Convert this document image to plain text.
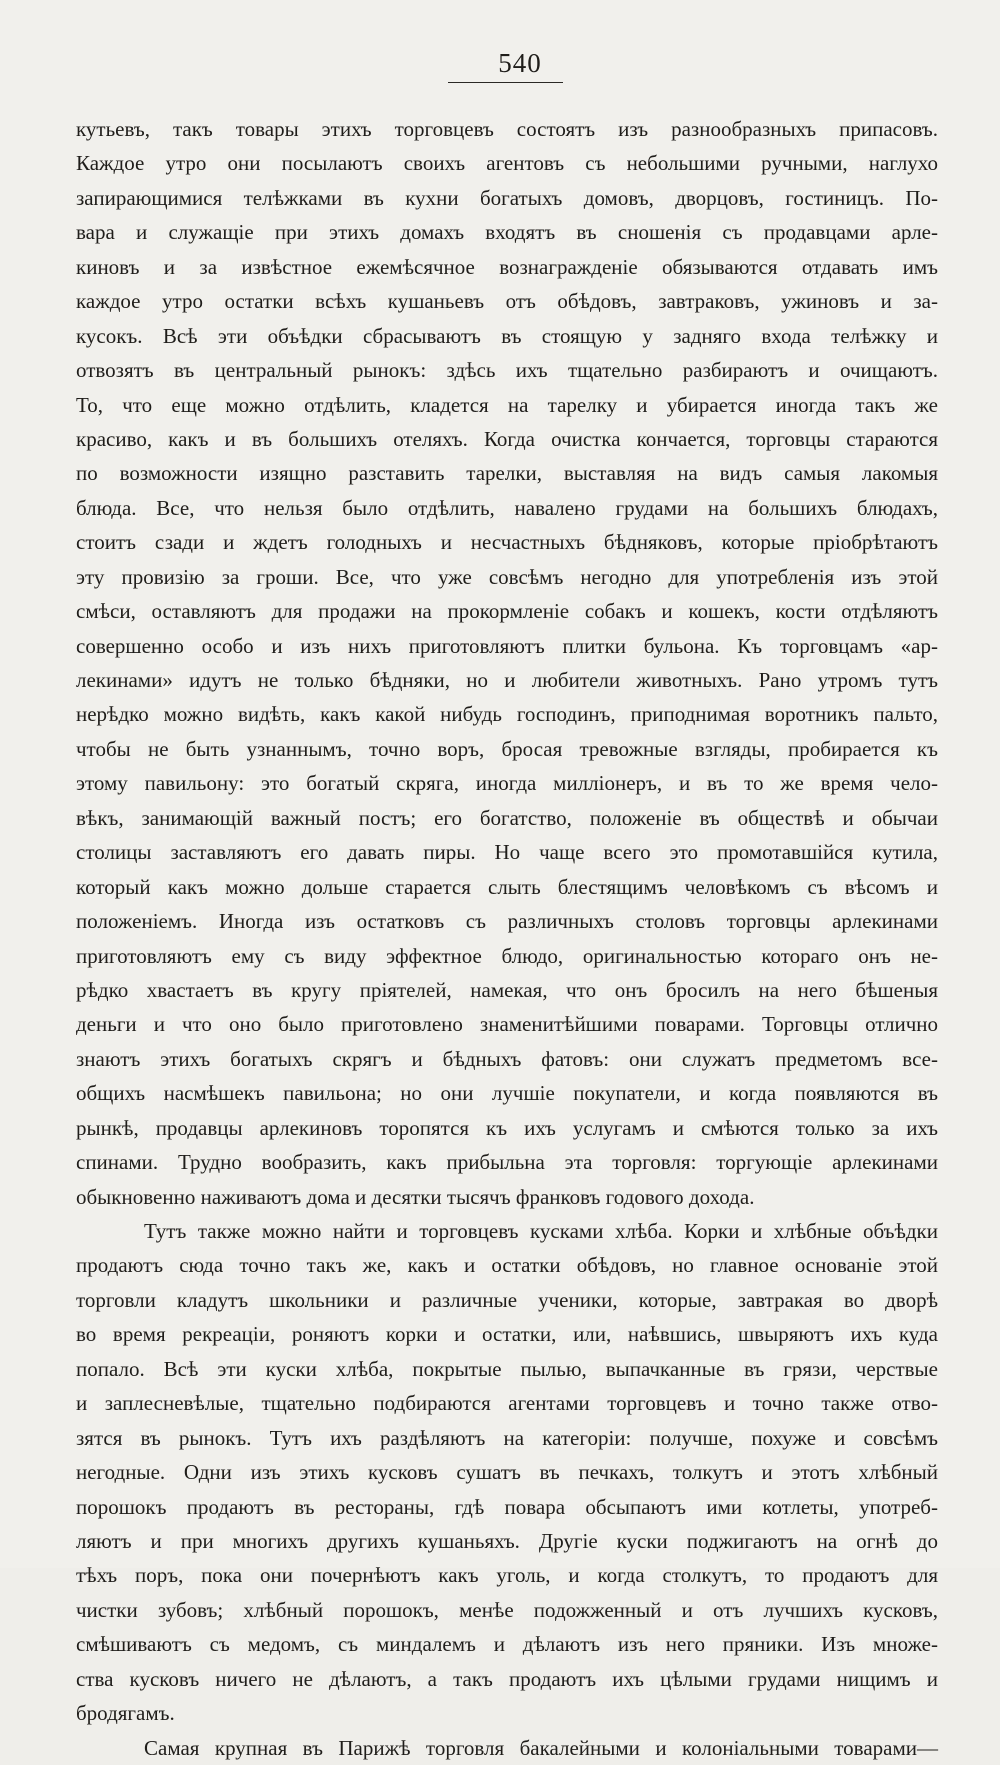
540
кутьевъ, такъ товары этихъ торговцевъ состоятъ изъ разнообразныхъ припасовъ.
Каждое утро они посылаютъ своихъ агентовъ съ небольшими ручными, наглухо
запирающимися телѣжками въ кухни богатыхъ домовъ, дворцовъ, гостиницъ. По-
вара и служащіе при этихъ домахъ входятъ въ сношенія съ продавцами арле-
киновъ и за извѣстное ежемѣсячное вознагражденіе обязываются отдавать имъ
каждое утро остатки всѣхъ кушаньевъ отъ обѣдовъ, завтраковъ, ужиновъ и за-
кусокъ. Всѣ эти объѣдки сбрасываютъ въ стоящую у задняго входа телѣжку и
отвозятъ въ центральный рынокъ: здѣсь ихъ тщательно разбираютъ и очищаютъ.
То, что еще можно отдѣлить, кладется на тарелку и убирается иногда такъ же
красиво, какъ и въ большихъ отеляхъ. Когда очистка кончается, торговцы стараются
по возможности изящно разставить тарелки, выставляя на видъ самыя лакомыя
блюда. Все, что нельзя было отдѣлить, навалено грудами на большихъ блюдахъ,
стоитъ сзади и ждетъ голодныхъ и несчастныхъ бѣдняковъ, которые пріобрѣтаютъ
эту провизію за гроши. Все, что уже совсѣмъ негодно для употребленія изъ этой
смѣси, оставляютъ для продажи на прокормленіе собакъ и кошекъ, кости отдѣляютъ
совершенно особо и изъ нихъ приготовляютъ плитки бульона. Къ торговцамъ «ар-
лекинами» идутъ не только бѣдняки, но и любители животныхъ. Рано утромъ тутъ
нерѣдко можно видѣть, какъ какой нибудь господинъ, приподнимая воротникъ пальто,
чтобы не быть узнаннымъ, точно воръ, бросая тревожные взгляды, пробирается къ
этому павильону: это богатый скряга, иногда милліонеръ, и въ то же время чело-
вѣкъ, занимающій важный постъ; его богатство, положеніе въ обществѣ и обычаи
столицы заставляютъ его давать пиры. Но чаще всего это промотавшійся кутила,
который какъ можно дольше старается слыть блестящимъ человѣкомъ съ вѣсомъ и
положеніемъ. Иногда изъ остатковъ съ различныхъ столовъ торговцы арлекинами
приготовляютъ ему съ виду эффектное блюдо, оригинальностью котораго онъ не-
рѣдко хвастаетъ въ кругу пріятелей, намекая, что онъ бросилъ на него бѣшеныя
деньги и что оно было приготовлено знаменитѣйшими поварами. Торговцы отлично
знаютъ этихъ богатыхъ скрягъ и бѣдныхъ фатовъ: они служатъ предметомъ все-
общихъ насмѣшекъ павильона; но они лучшіе покупатели, и когда появляются въ
рынкѣ, продавцы арлекиновъ торопятся къ ихъ услугамъ и смѣются только за ихъ
спинами. Трудно вообразить, какъ прибыльна эта торговля: торгующіе арлекинами
обыкновенно наживаютъ дома и десятки тысячъ франковъ годового дохода.
Тутъ также можно найти и торговцевъ кусками хлѣба. Корки и хлѣбные объѣдки
продаютъ сюда точно такъ же, какъ и остатки обѣдовъ, но главное основаніе этой
торговли кладутъ школьники и различные ученики, которые, завтракая во дворѣ
во время рекреаціи, роняютъ корки и остатки, или, наѣвшись, швыряютъ ихъ куда
попало. Всѣ эти куски хлѣба, покрытые пылью, выпачканные въ грязи, черствые
и заплесневѣлые, тщательно подбираются агентами торговцевъ и точно также отво-
зятся въ рынокъ. Тутъ ихъ раздѣляютъ на категоріи: получше, похуже и совсѣмъ
негодные. Одни изъ этихъ кусковъ сушатъ въ печкахъ, толкутъ и этотъ хлѣбный
порошокъ продаютъ въ рестораны, гдѣ повара обсыпаютъ ими котлеты, употреб-
ляютъ и при многихъ другихъ кушаньяхъ. Другіе куски поджигаютъ на огнѣ до
тѣхъ поръ, пока они почернѣютъ какъ уголь, и когда столкутъ, то продаютъ для
чистки зубовъ; хлѣбный порошокъ, менѣе подожженный и отъ лучшихъ кусковъ,
смѣшиваютъ съ медомъ, съ миндалемъ и дѣлаютъ изъ него пряники. Изъ множе-
ства кусковъ ничего не дѣлаютъ, а такъ продаютъ ихъ цѣлыми грудами нищимъ и
бродягамъ.
Самая крупная въ Парижѣ торговля бакалейными и колоніальными товарами—
